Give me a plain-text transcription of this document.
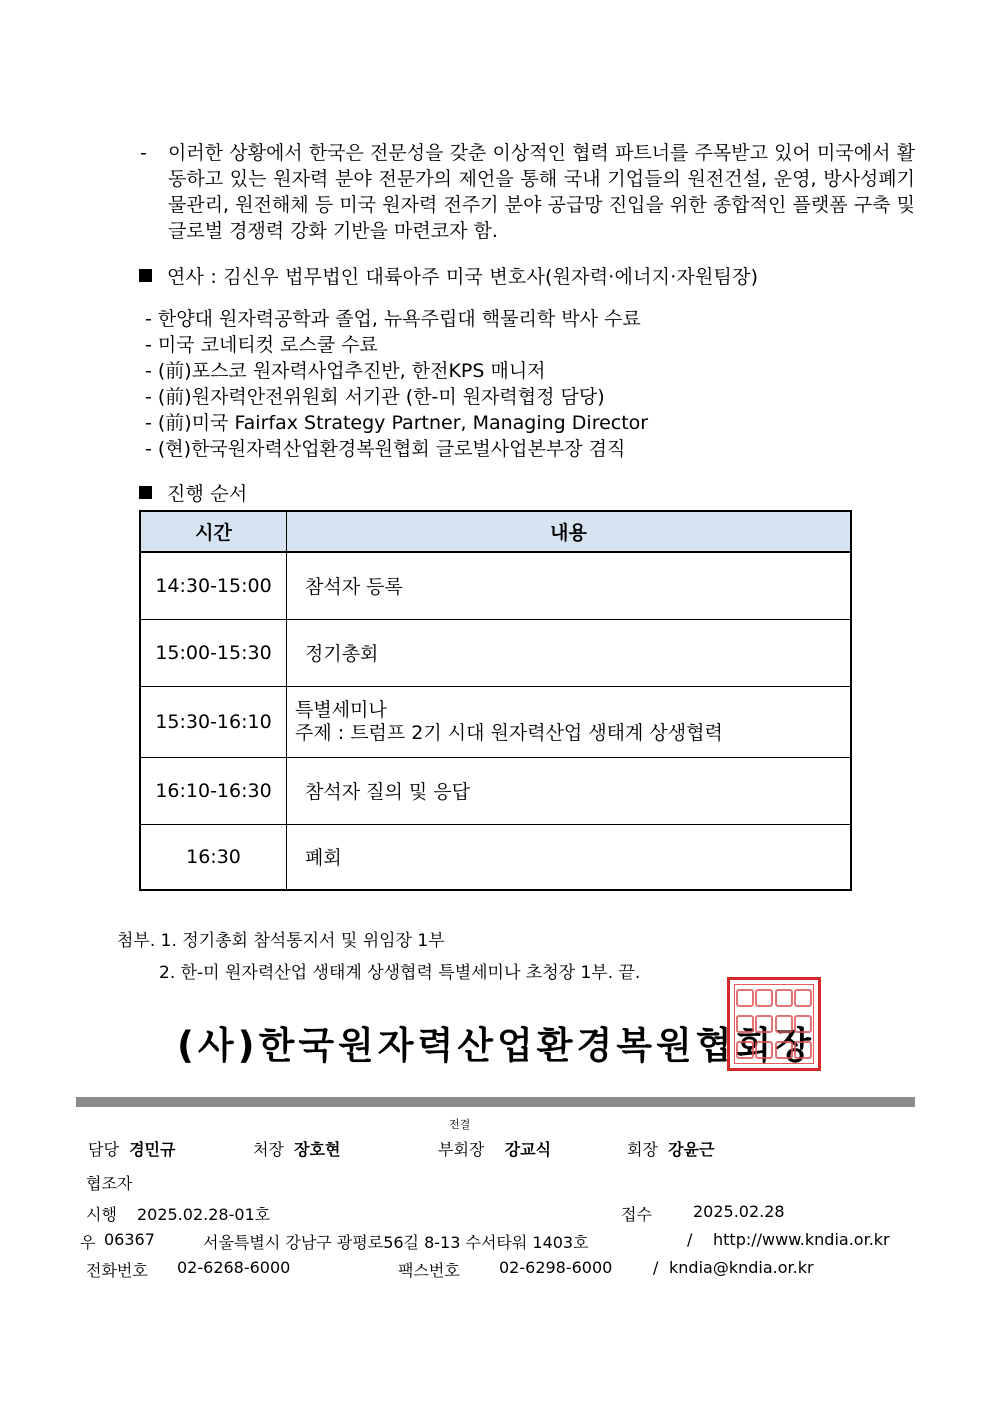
- 이러한 상황에서 한국은 전문성을 갖춘 이상적인 협력 파트너를 주목받고 있어 미국에서 활동하고 있는 원자력 분야 전문가의 제언을 통해 국내 기업들의 원전건설, 운영, 방사성폐기물관리, 원전해체 등 미국 원자력 전주기 분야 공급망 진입을 위한 종합적인 플랫폼 구축 및 글로벌 경쟁력 강화 기반을 마련코자 함.
연사 : 김신우 법무법인 대륙아주 미국 변호사(원자력·에너지·자원팀장)
- 한양대 원자력공학과 졸업, 뉴욕주립대 핵물리학 박사 수료
- 미국 코네티컷 로스쿨 수료
- (前)포스코 원자력사업추진반, 한전KPS 매니저
- (前)원자력안전위원회 서기관 (한-미 원자력협정 담당)
- (前)미국 Fairfax Strategy Partner, Managing Director
- (현)한국원자력산업환경복원협회 글로벌사업본부장 겸직
진행 순서
시간	내용
14:30-15:00	참석자 등록
15:00-15:30	정기총회
15:30-16:10	특별세미나
주제 : 트럼프 2기 시대 원자력산업 생태계 상생협력

16:10-16:30	참석자 질의 및 응답
16:30	폐회
첨부. 1. 정기총회 참석통지서 및 위임장 1부
2. 한-미 원자력산업 생태계 상생협력 특별세미나 초청장 1부. 끝.
(사)한국원자력산업환경복원협회장
전결
담당 경민규	처장 장호현	부회장 강교식	회장 강윤근
협조자
시행 2025.02.28-01호	접수	2025.02.28
우 06367	서울특별시 강남구 광평로56길 8-13 수서타워 1403호	/ http://www.kndia.or.kr
전화번호 02-6268-6000	팩스번호 02-6298-6000	/ kndia@kndia.or.kr
